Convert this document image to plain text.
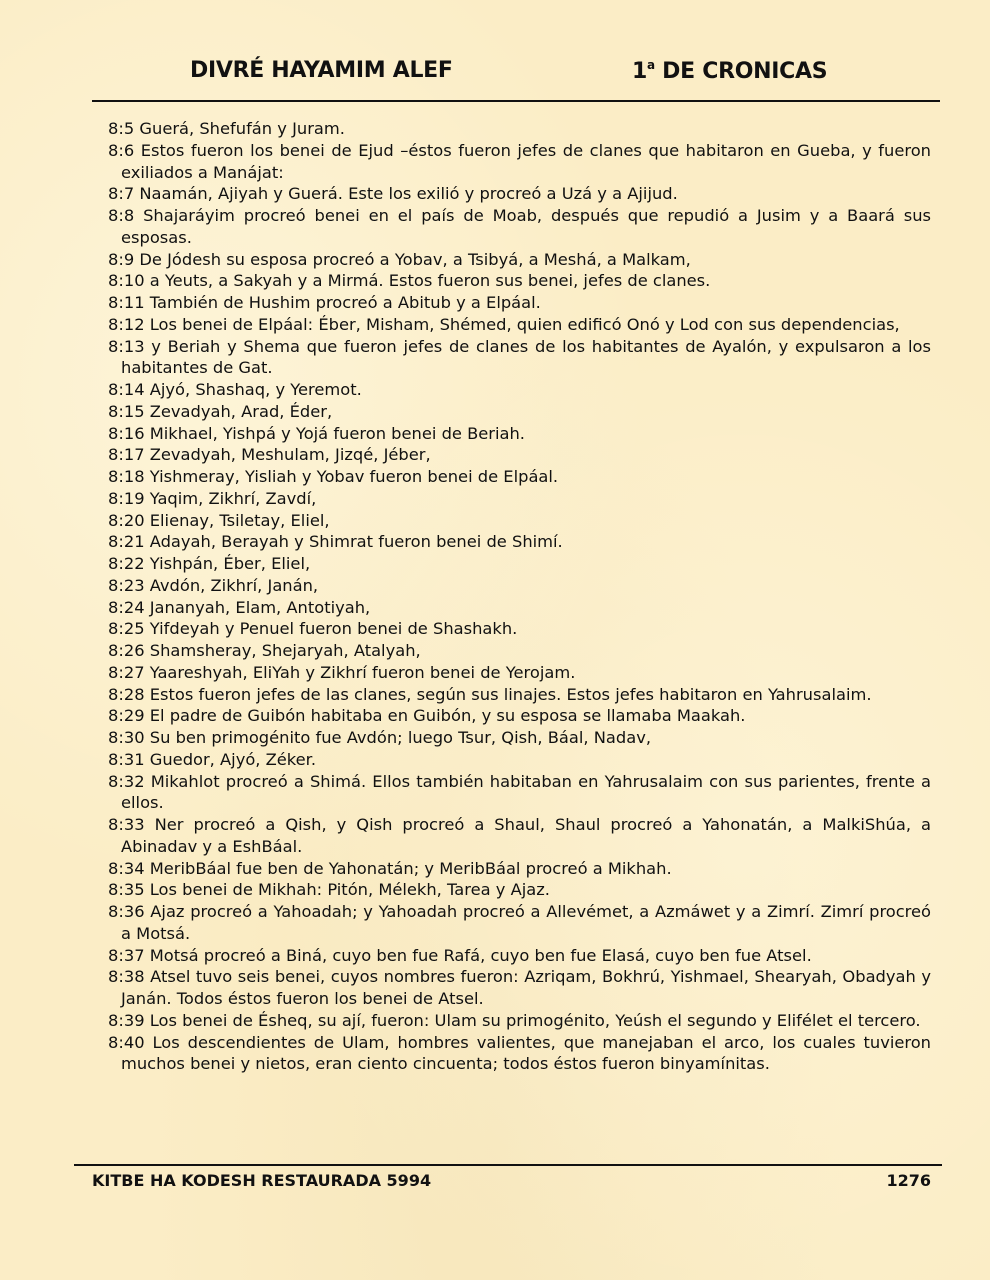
DIVRÉ HAYAMIM ALEF	1$^a$ DE CRONICAS

8:5 Guerá, Shefufán y Juram.

8:6 Estos fueron los benei de Ejud –éstos fueron jefes de clanes que habitaron en Gueba, y fueron exiliados a Manájat:

8:7 Naamán, Ajiyah y Guerá. Este los exilió y procreó a Uzá y a Ajijud.

8:8 Shajaráyim procreó benei en el país de Moab, después que repudió a Jusim y a Baará sus esposas.

8:9 De Jódesh su esposa procreó a Yobav, a Tsibyá, a Meshá, a Malkam,

8:10 a Yeuts, a Sakyah y a Mirmá. Estos fueron sus benei, jefes de clanes.

8:11 También de Hushim procreó a Abitub y a Elpáal.

8:12 Los benei de Elpáal: Éber, Misham, Shémed, quien edificó Onó y Lod con sus dependencias,

8:13 y Beriah y Shema que fueron jefes de clanes de los habitantes de Ayalón, y expulsaron a los habitantes de Gat.

8:14 Ajyó, Shashaq, y Yeremot.

8:15 Zevadyah, Arad, Éder,

8:16 Mikhael, Yishpá y Yojá fueron benei de Beriah.

8:17 Zevadyah, Meshulam, Jizqé, Jéber,

8:18 Yishmeray, Yisliah y Yobav fueron benei de Elpáal.

8:19 Yaqim, Zikhrí, Zavdí,

8:20 Elienay, Tsiletay, Eliel,

8:21 Adayah, Berayah y Shimrat fueron benei de Shimí.

8:22 Yishpán, Éber, Eliel,

8:23 Avdón, Zikhrí, Janán,

8:24 Jananyah, Elam, Antotiyah,

8:25 Yifdeyah y Penuel fueron benei de Shashakh.

8:26 Shamsheray, Shejaryah, Atalyah,

8:27 Yaareshyah, EliYah y Zikhrí fueron benei de Yerojam.

8:28 Estos fueron jefes de las clanes, según sus linajes. Estos jefes habitaron en Yahrusalaim.

8:29 El padre de Guibón habitaba en Guibón, y su esposa se llamaba Maakah.

8:30 Su ben primogénito fue Avdón; luego Tsur, Qish, Báal, Nadav,

8:31 Guedor, Ajyó, Zéker.

8:32 Mikahlot procreó a Shimá. Ellos también habitaban en Yahrusalaim con sus parientes, frente a ellos.

8:33 Ner procreó a Qish, y Qish procreó a Shaul, Shaul procreó a Yahonatán, a MalkiShúa, a Abinadav y a EshBáal.

8:34 MeribBáal fue ben de Yahonatán; y MeribBáal procreó a Mikhah.

8:35 Los benei de Mikhah: Pitón, Mélekh, Tarea y Ajaz.

8:36 Ajaz procreó a Yahoadah; y Yahoadah procreó a Allevémet, a Azmáwet y a Zimrí. Zimrí procreó a Motsá.

8:37 Motsá procreó a Biná, cuyo ben fue Rafá, cuyo ben fue Elasá, cuyo ben fue Atsel.

8:38 Atsel tuvo seis benei, cuyos nombres fueron: Azriqam, Bokhrú, Yishmael, Shearyah, Obadyah y Janán. Todos éstos fueron los benei de Atsel.

8:39 Los benei de Ésheq, su ají, fueron: Ulam su primogénito, Yeúsh el segundo y Elifélet el tercero.

8:40 Los descendientes de Ulam, hombres valientes, que manejaban el arco, los cuales tuvieron muchos benei y nietos, eran ciento cincuenta; todos éstos fueron binyamínitas.

KITBE HA KODESH RESTAURADA 5994	1276
